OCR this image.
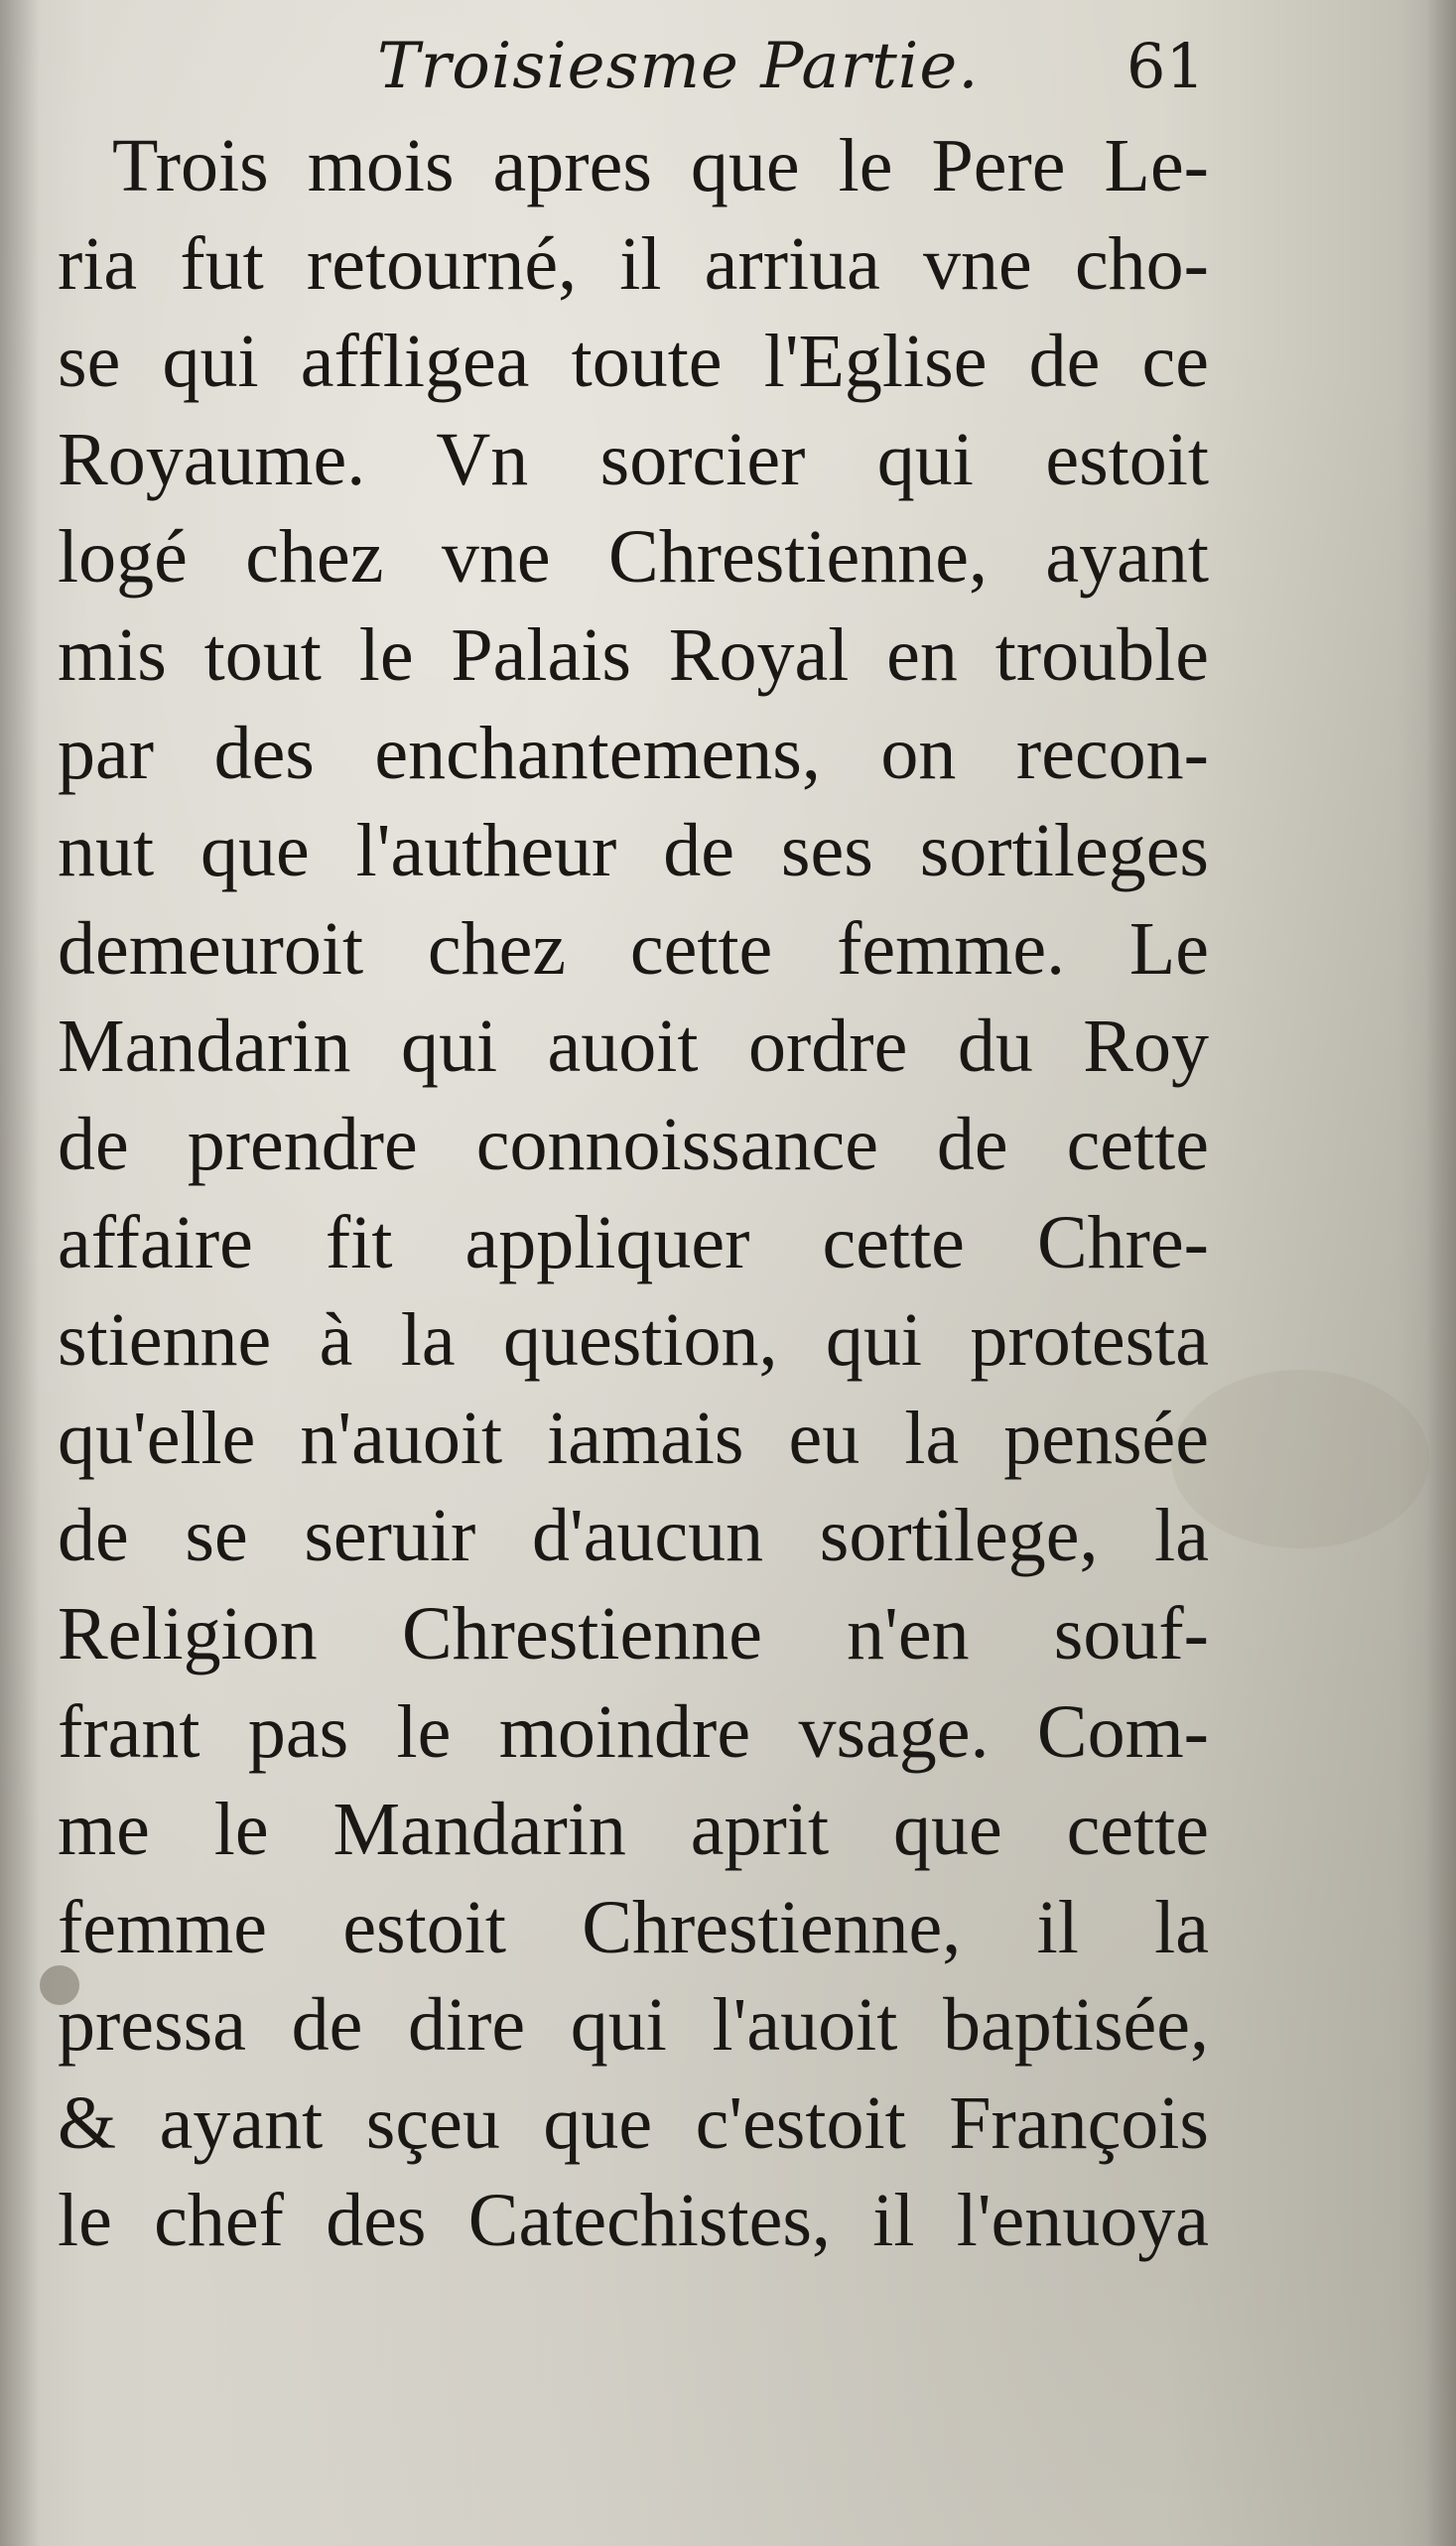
Troisiesme Partie. 61
Trois mois apres que le Pere Le-
ria fut retourné, il arriua vne cho-
se qui affligea toute l'Eglise de ce
Royaume. Vn sorcier qui estoit
logé chez vne Chrestienne, ayant
mis tout le Palais Royal en trouble
par des enchantemens, on recon-
nut que l'autheur de ses sortileges
demeuroit chez cette femme. Le
Mandarin qui auoit ordre du Roy
de prendre connoissance de cette
affaire fit appliquer cette Chre-
stienne à la question, qui protesta
qu'elle n'auoit iamais eu la pensée
de se seruir d'aucun sortilege, la
Religion Chrestienne n'en souf-
frant pas le moindre vsage. Com-
me le Mandarin aprit que cette
femme estoit Chrestienne, il la
pressa de dire qui l'auoit baptisée,
& ayant sçeu que c'estoit François
le chef des Catechistes, il l'enuoya
